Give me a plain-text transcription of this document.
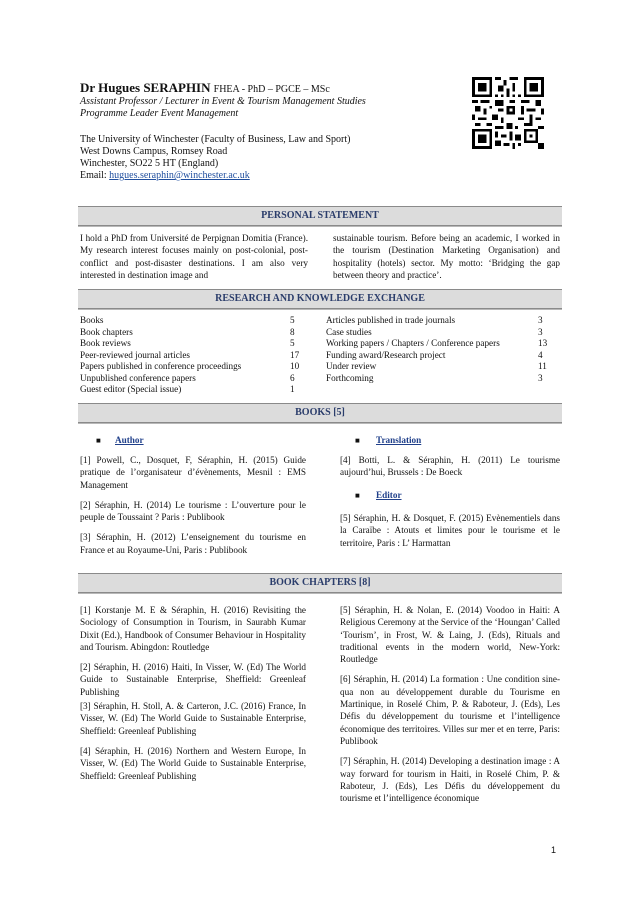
Dr Hugues SERAPHIN FHEA - PhD – PGCE – MSc
Assistant Professor / Lecturer in Event & Tourism Management Studies
Programme Leader Event Management
The University of Winchester (Faculty of Business, Law and Sport)
West Downs Campus, Romsey Road
Winchester, SO22 5 HT (England)
Email: hugues.seraphin@winchester.ac.uk
PERSONAL STATEMENT
I hold a PhD from Université de Perpignan Domitia (France). My research interest focuses mainly on post-colonial, post-conflict and post-disaster destinations. I am also very interested in destination image and
sustainable tourism. Before being an academic, I worked in the tourism (Destination Marketing Organisation) and hospitality (hotels) sector. My motto: ‘Bridging the gap between theory and practice’.
RESEARCH AND KNOWLEDGE EXCHANGE
Books	5
Book chapters	8
Book reviews	5
Peer-reviewed journal articles	17
Papers published in conference proceedings	10
Unpublished conference papers	6
Guest editor (Special issue)	1
Articles published in trade journals	3
Case studies	3
Working papers / Chapters / Conference papers	13
Funding award/Research project	4
Under review	11
Forthcoming	3
BOOKS [5]
■ Author	■ Translation

[1] Powell, C., Dosquet, F, Séraphin, H. (2015) Guide pratique de l’organisateur d’évènements, Mesnil : EMS Management

[2] Séraphin, H. (2014) Le tourisme : L’ouverture pour le peuple de Toussaint ? Paris : Publibook

[3] Séraphin, H. (2012) L’enseignement du tourisme en France et au Royaume-Uni, Paris : Publibook

[4] Botti, L. & Séraphin, H. (2011) Le tourisme aujourd’hui, Brussels : De Boeck
■ Editor
[5] Séraphin, H. & Dosquet, F. (2015) Evènementiels dans la Caraïbe : Atouts et limites pour le tourisme et le territoire, Paris : L’ Harmattan
BOOK CHAPTERS [8]

[1] Korstanje M. E & Séraphin, H. (2016) Revisiting the Sociology of Consumption in Tourism, in Saurabh Kumar Dixit (Ed.), Handbook of Consumer Behaviour in Hospitality and Tourism. Abingdon: Routledge

[2] Séraphin, H. (2016) Haiti, In Visser, W. (Ed) The World Guide to Sustainable Enterprise, Sheffield: Greenleaf Publishing

[3] Séraphin, H. Stoll, A. & Carteron, J.C. (2016) France, In Visser, W. (Ed) The World Guide to Sustainable Enterprise, Sheffield: Greenleaf Publishing

[4] Séraphin, H. (2016) Northern and Western Europe, In Visser, W. (Ed) The World Guide to Sustainable Enterprise, Sheffield: Greenleaf Publishing

[5] Séraphin, H. & Nolan, E. (2014) Voodoo in Haiti: A Religious Ceremony at the Service of the ‘Houngan’ Called ‘Tourism’, in Frost, W. & Laing, J. (Eds), Rituals and traditional events in the modern world, New-York: Routledge

[6] Séraphin, H. (2014) La formation : Une condition sine-qua non au développement durable du Tourisme en Martinique, in Roselé Chim, P. & Raboteur, J. (Eds), Les Défis du développement du tourisme et l’intelligence économique des territoires. Villes sur mer et en terre, Paris: Publibook

[7] Séraphin, H. (2014) Developing a destination image : A way forward for tourism in Haiti, in Roselé Chim, P. & Raboteur, J. (Eds), Les Défis du développement du tourisme et l’intelligence économique

1
